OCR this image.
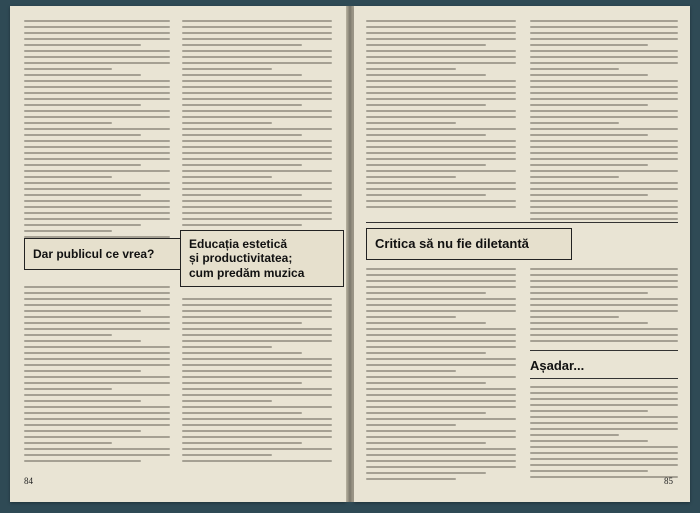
Dar publicul ce vrea?
Educația estetică
și productivitatea;
cum predăm muzica
84
Critica să nu fie diletantă
Așadar...
85
